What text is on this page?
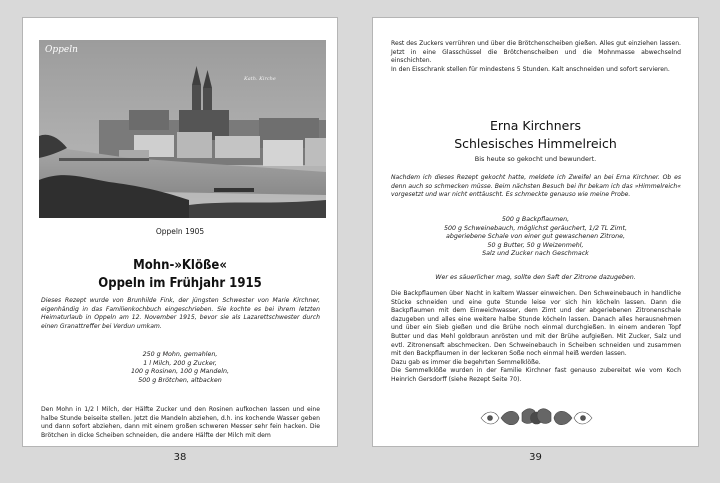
Oppeln
Kath. Kirche
Oppeln 1905
Mohn-»Klöße«
Oppeln im Frühjahr 1915

Dieses Rezept wurde von Brunhilde Fink, der jüngsten Schwester von Marie Kirchner, eigenhändig in das Familienkochbuch eingeschrieben. Sie kochte es bei ihrem letzten Heimaturlaub in Oppeln am 12. November 1915, bevor sie als Lazarettschwester durch einen Granattreffer bei Verdun umkam.

250 g Mohn, gemahlen,
1 l Milch, 200 g Zucker,
100 g Rosinen, 100 g Mandeln,
500 g Brötchen, altbacken

Den Mohn in 1/2 l Milch, der Hälfte Zucker und den Rosinen aufkochen lassen und eine halbe Stunde beiseite stellen. Jetzt die Mandeln abziehen, d.h. ins kochende Wasser geben und dann sofort abziehen, dann mit einem großen schweren Messer sehr fein hacken. Die Brötchen in dicke Scheiben schneiden, die andere Hälfte der Milch mit dem

Rest des Zuckers verrühren und über die Brötchenscheiben gießen. Alles gut einziehen lassen. Jetzt in eine Glasschüssel die Brötchenscheiben und die Mohnmasse abwechselnd einschichten.
In den Eisschrank stellen für mindestens 5 Stunden. Kalt anschneiden und sofort servieren.

Erna Kirchners
Schlesisches Himmelreich
Bis heute so gekocht und bewundert.

Nachdem ich dieses Rezept gekocht hatte, meldete ich Zweifel an bei Erna Kirchner. Ob es denn auch so schmecken müsse. Beim nächsten Besuch bei ihr bekam ich das »Himmelreich« vorgesetzt und war nicht enttäuscht. Es schmeckte genauso wie meine Probe.

500 g Backpflaumen,
500 g Schweinebauch, möglichst geräuchert, 1/2 TL Zimt,
abgeriebene Schale von einer gut gewaschenen Zitrone,
50 g Butter, 50 g Weizenmehl,
Salz und Zucker nach Geschmack
Wer es säuerlicher mag, sollte den Saft der Zitrone dazugeben.

Die Backpflaumen über Nacht in kaltem Wasser einweichen. Den Schweinebauch in handliche Stücke schneiden und eine gute Stunde leise vor sich hin köcheln lassen. Dann die Backpflaumen mit dem Einweichwasser, dem Zimt und der abgeriebenen Zitronenschale dazugeben und alles eine weitere halbe Stunde köcheln lassen. Danach alles herausnehmen und über ein Sieb gießen und die Brühe noch einmal durchgießen. In einem anderen Topf Butter und das Mehl goldbraun anrösten und mit der Brühe aufgießen. Mit Zucker, Salz und evtl. Zitronensaft abschmecken. Den Schweinebauch in Scheiben schneiden und zusammen mit den Backpflaumen in der leckeren Soße noch einmal heiß werden lassen.
Dazu gab es immer die begehrten Semmelklöße.
Die Semmelklöße wurden in der Familie Kirchner fast genauso zubereitet wie vom Koch Heinrich Gersdorff (siehe Rezept Seite 70).

38	39
